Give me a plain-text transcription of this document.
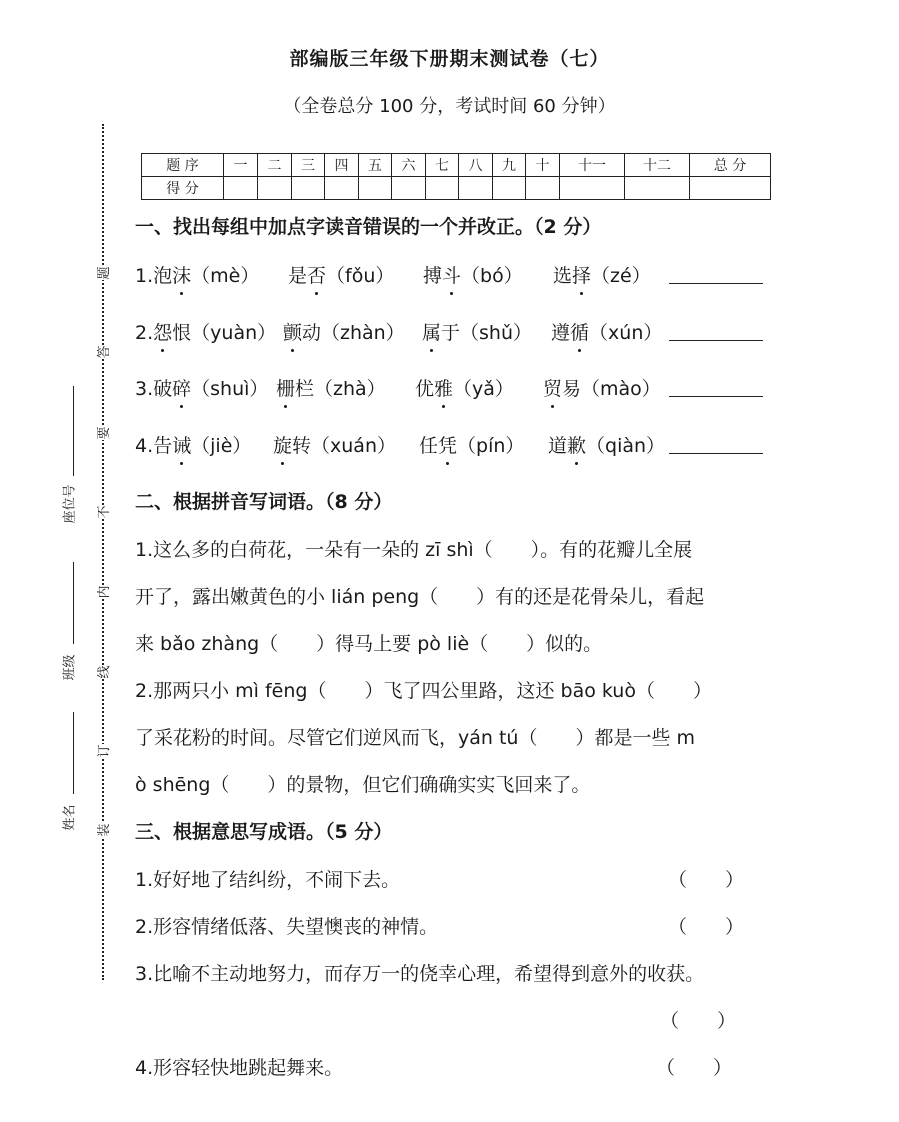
部编版三年级下册期末测试卷（七）
（全卷总分 100 分，考试时间 60 分钟）
题
答
要
不
内
线
订
装
座位号
班级
姓名
题 序	一	二	三	四	五	六	七	八	九	十	十一	十二	总 分
得 分													
一、找出每组中加点字读音错误的一个并改正。（2 分）
1.泡沫（mè） 是否（fǒu） 搏斗（bó） 选择（zé）
2.怨恨（yuàn） 颤动（zhàn） 属于（shǔ） 遵循（xún）
3.破碎（shuì） 栅栏（zhà） 优雅（yǎ） 贸易（mào）
4.告诫（jiè） 旋转（xuán） 任凭（pín） 道歉（qiàn）
二、根据拼音写词语。（8 分）
1.这么多的白荷花，一朵有一朵的 zī shì（　　）。有的花瓣儿全展
开了，露出嫩黄色的小 lián peng（　　）有的还是花骨朵儿，看起
来 bǎo zhàng（　　）得马上要 pò liè（　　）似的。
2.那两只小 mì fēng（　　）飞了四公里路，这还 bāo kuò（　　）
了采花粉的时间。尽管它们逆风而飞，yán tú（　　）都是一些 m
ò shēng（　　）的景物，但它们确确实实飞回来了。
三、根据意思写成语。（5 分）
1.好好地了结纠纷，不闹下去。	（　　）
2.形容情绪低落、失望懊丧的神情。	（　　）
3.比喻不主动地努力，而存万一的侥幸心理，希望得到意外的收获。
（　　）
4.形容轻快地跳起舞来。	（　　）
